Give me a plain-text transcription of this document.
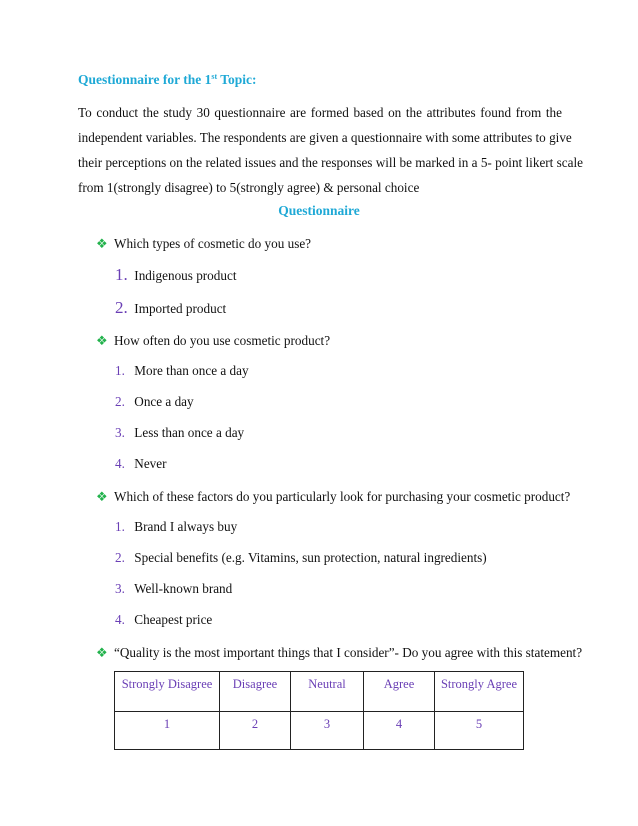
Questionnaire for the 1st Topic:
To conduct the study 30 questionnaire are formed based on the attributes found from the
independent variables. The respondents are given a questionnaire with some attributes to give
their perceptions on the related issues and the responses will be marked in a 5- point likert scale
from 1(strongly disagree) to 5(strongly agree) & personal choice
Questionnaire
❖ Which types of cosmetic do you use?
1. Indigenous product
2. Imported product
❖ How often do you use cosmetic product?
1. More than once a day
2. Once a day
3. Less than once a day
4. Never
❖ Which of these factors do you particularly look for purchasing your cosmetic product?
1. Brand I always buy
2. Special benefits (e.g. Vitamins, sun protection, natural ingredients)
3. Well-known brand
4. Cheapest price
❖ “Quality is the most important things that I consider”- Do you agree with this statement?
Strongly Disagree	Disagree	Neutral	Agree	Strongly Agree
1	2	3	4	5
